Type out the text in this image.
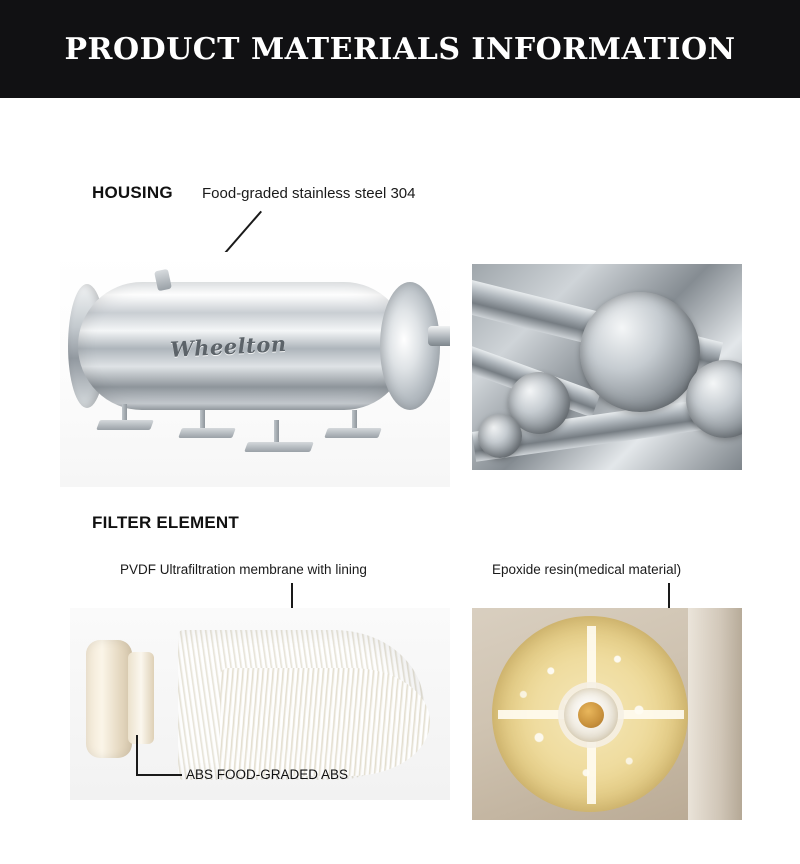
PRODUCT MATERIALS INFORMATION
HOUSING Food-graded stainless steel 304
Wheelton
FILTER ELEMENT
PVDF Ultrafiltration membrane with lining	Epoxide resin(medical material)
ABS FOOD-GRADED ABS
